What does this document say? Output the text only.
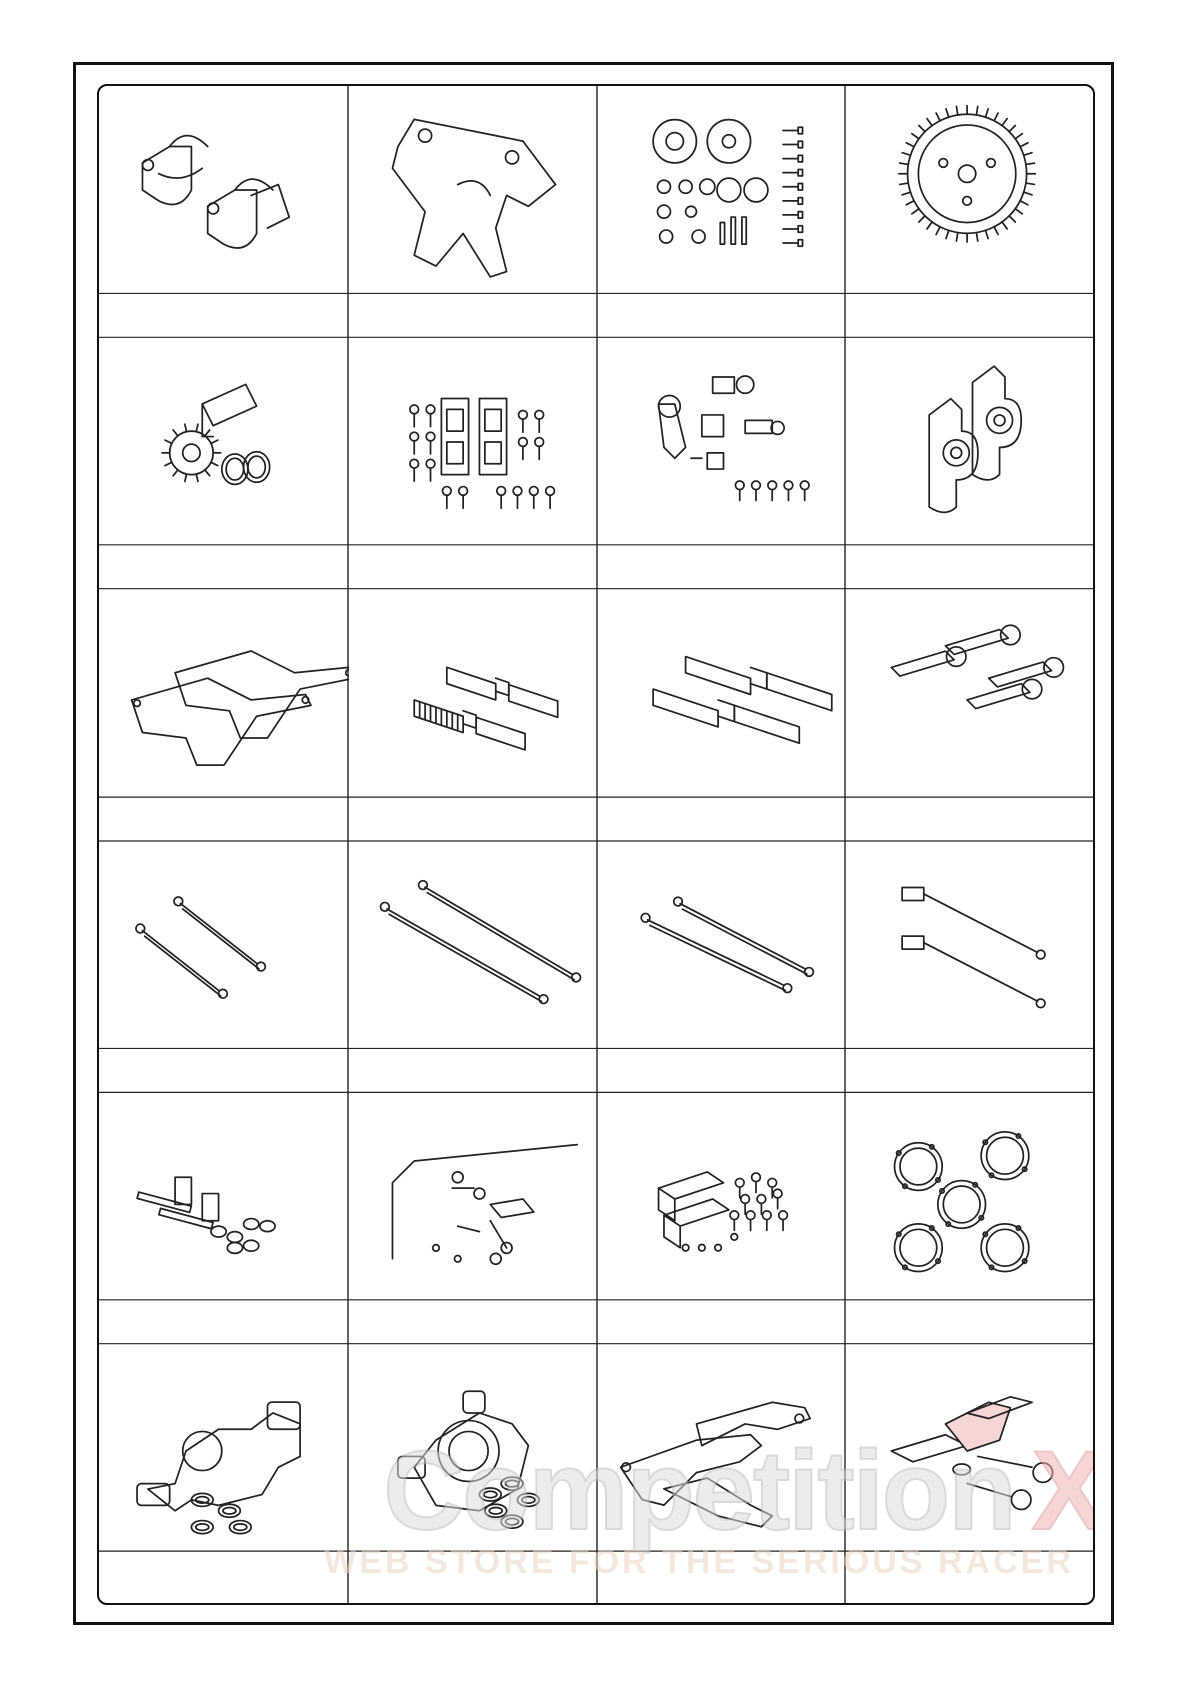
Competition X
WEB STORE FOR THE SERIOUS RACER
